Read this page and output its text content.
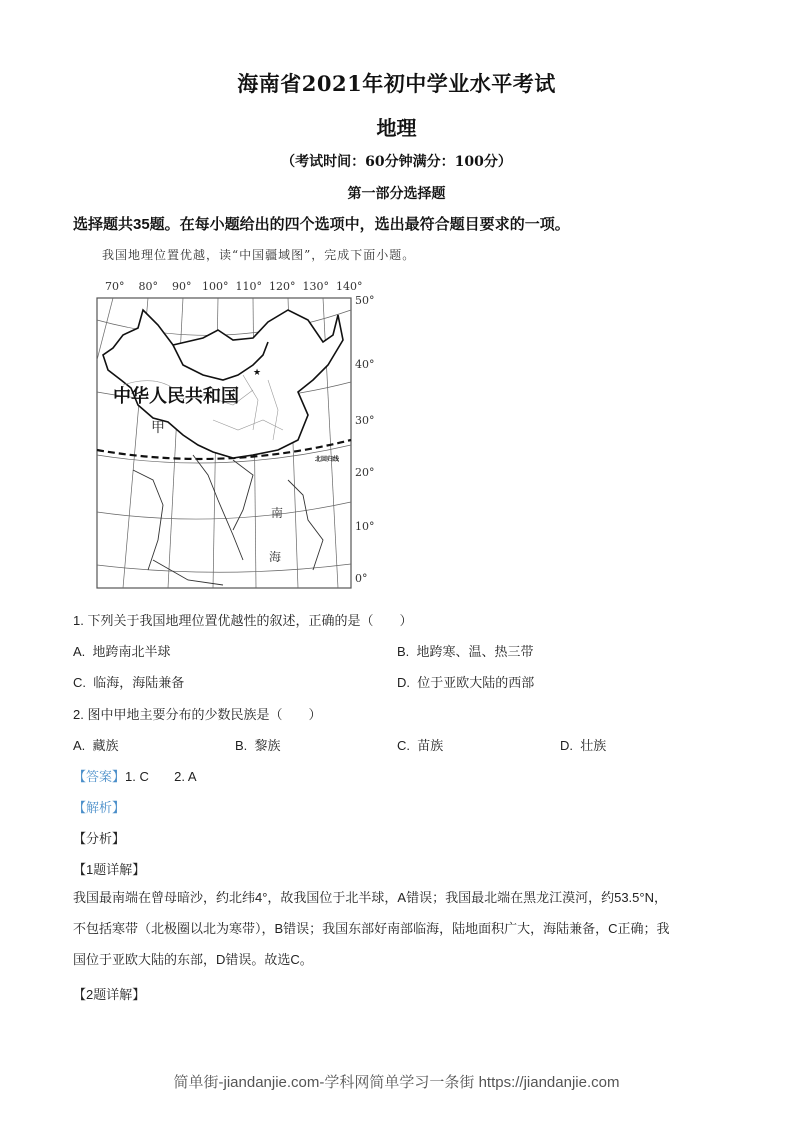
海南省2021年初中学业水平考试
地理
（考试时间：60分钟满分：100分）
第一部分选择题
选择题共35题。在每小题给出的四个选项中，选出最符合题目要求的一项。
我国地理位置优越，读“中国疆域图”，完成下面小题。
★
70° 80° 90° 100° 110° 120° 130° 140°
50°
40°
30°
20°
10°
0°
中华人民共和国
甲
南
海
北回归线
1. 下列关于我国地理位置优越性的叙述，正确的是（　　）
A. 地跨南北半球	B. 地跨寒、温、热三带
C. 临海，海陆兼备	D. 位于亚欧大陆的西部
2. 图中甲地主要分布的少数民族是（　　）
A. 藏族	B. 黎族	C. 苗族	D. 壮族
【答案】1. C 2. A
【解析】
【分析】
【1题详解】
我国最南端在曾母暗沙，约北纬4°，故我国位于北半球，A错误；我国最北端在黑龙江漠河，约53.5°N，
不包括寒带（北极圈以北为寒带），B错误；我国东部好南部临海，陆地面积广大，海陆兼备，C正确；我
国位于亚欧大陆的东部，D错误。故选C。
【2题详解】
简单街-jiandanjie.com-学科网简单学习一条街 https://jiandanjie.com
